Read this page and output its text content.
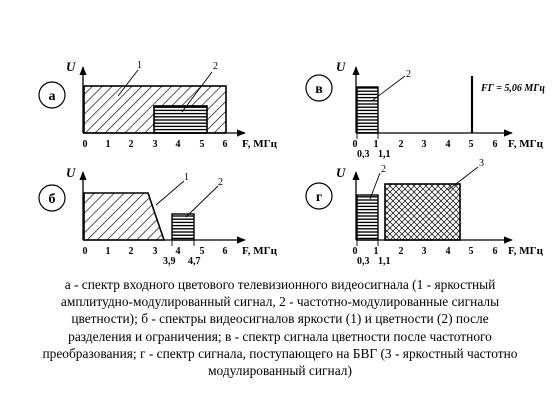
U
F, МГц
0 1 2 3 4 5 6
1	2
а
U
F, МГц
0 1 2 3 4 5 6
1	2
3,9 4,7
б
U
F, МГц
0 1 2 3 4 5 6
2
FГ = 5,06 МГц
0,3 1,1
в
U
F, МГц
0 1 2 3 4 5 6
2
3
0,3 1,1
г
а - спектр входного цветового телевизионного видеосигнала (1 - яркостный
амплитудно-модулированный сигнал, 2 - частотно-модулированные сигналы
цветности); б - спектры видеосигналов яркости (1) и цветности (2) после
разделения и ограничения; в - спектр сигнала цветности после частотного
преобразования; г - спектр сигнала, поступающего на БВГ (3 - яркостный частотно
модулированный сигнал)
